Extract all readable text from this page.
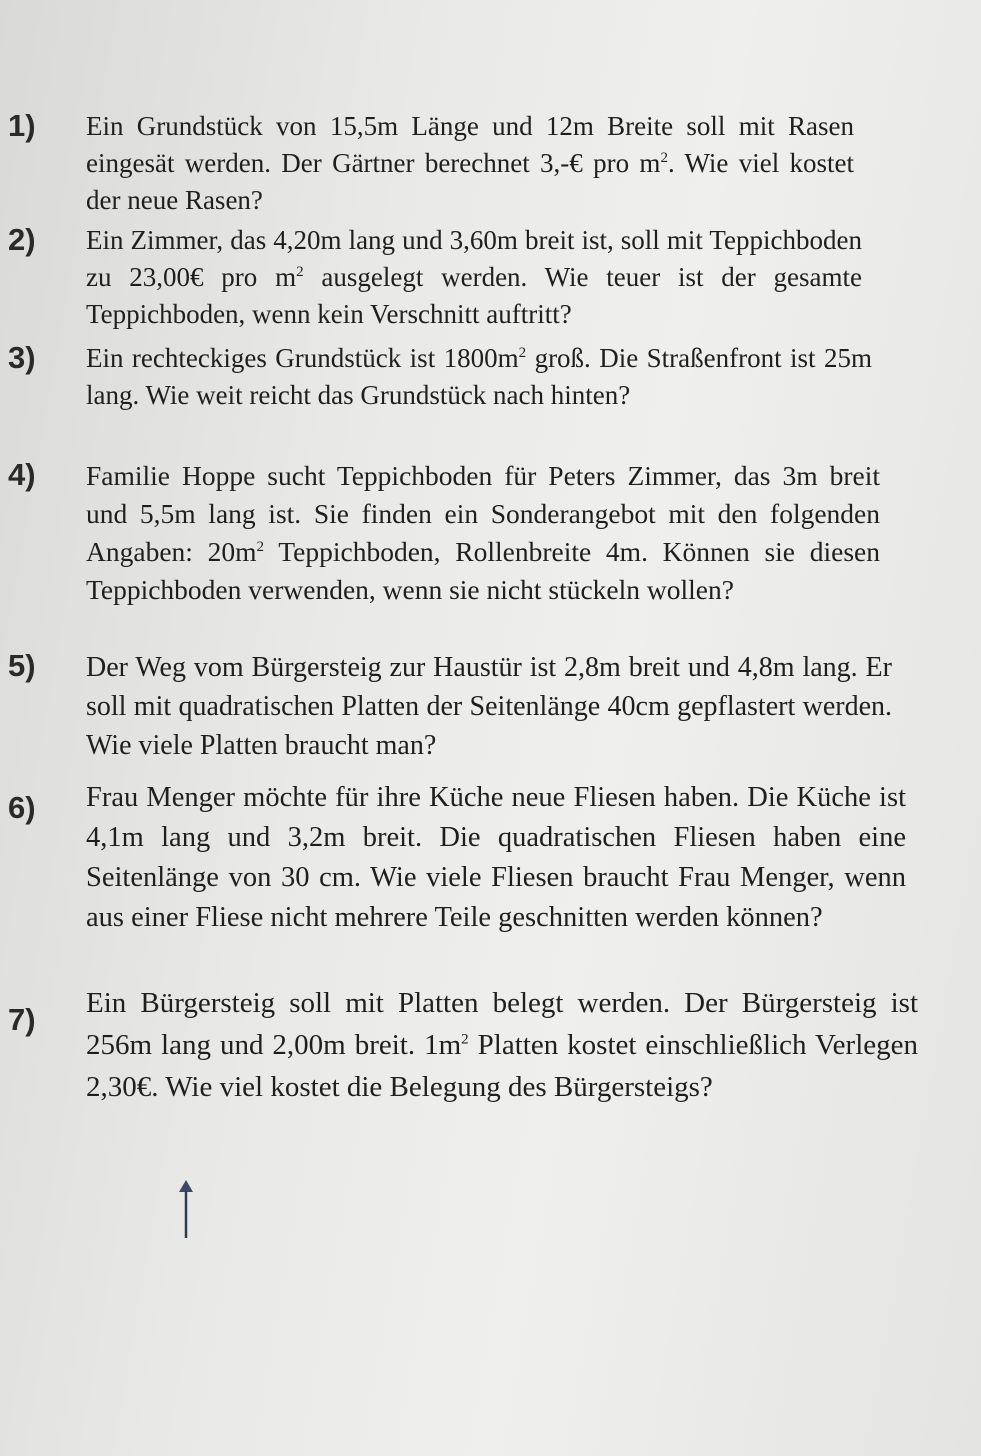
1) Ein Grundstück von 15,5m Länge und 12m Breite soll mit Rasen eingesät werden. Der Gärtner berechnet 3,-€ pro $m^2$. Wie viel kostet der neue Rasen?
2) Ein Zimmer, das 4,20m lang und 3,60m breit ist, soll mit Teppichboden zu 23,00€ pro $m^2$ ausgelegt werden. Wie teuer ist der gesamte Teppichboden, wenn kein Verschnitt auftritt?
3) Ein rechteckiges Grundstück ist $1800m^2$ groß. Die Straßenfront ist 25m lang. Wie weit reicht das Grundstück nach hinten?
4) Familie Hoppe sucht Teppichboden für Peters Zimmer, das 3m breit und 5,5m lang ist. Sie finden ein Sonderangebot mit den folgenden Angaben: $20m^2$ Teppichboden, Rollenbreite 4m. Können sie diesen Teppichboden verwenden, wenn sie nicht stückeln wollen?
5) Der Weg vom Bürgersteig zur Haustür ist 2,8m breit und 4,8m lang. Er soll mit quadratischen Platten der Seitenlänge 40cm gepflastert werden. Wie viele Platten braucht man?
6) Frau Menger möchte für ihre Küche neue Fliesen haben. Die Küche ist 4,1m lang und 3,2m breit. Die quadratischen Fliesen haben eine Seitenlänge von 30 cm. Wie viele Fliesen braucht Frau Menger, wenn aus einer Fliese nicht mehrere Teile geschnitten werden können?
7) Ein Bürgersteig soll mit Platten belegt werden. Der Bürgersteig ist 256m lang und 2,00m breit. $1m^2$ Platten kostet einschließlich Verlegen 2,30€. Wie viel kostet die Belegung des Bürgersteigs?
